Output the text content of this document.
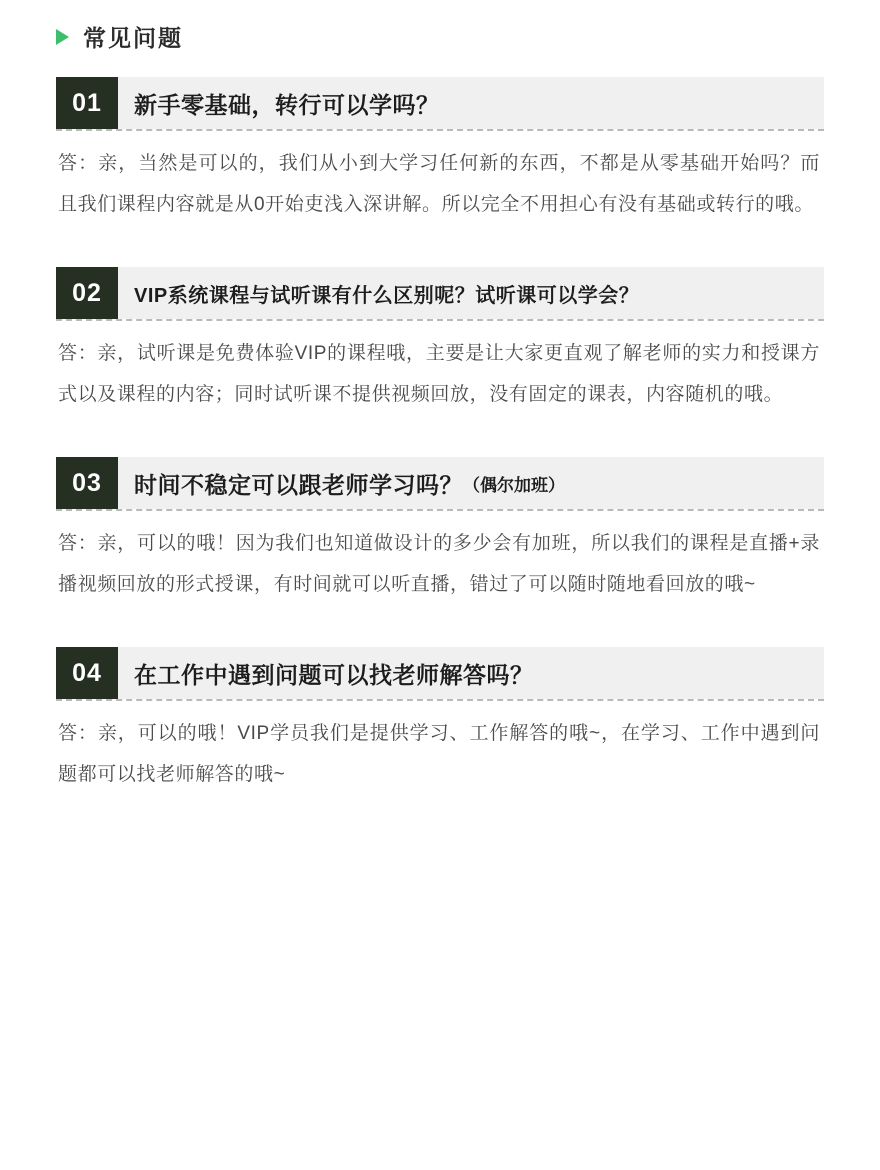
常见问题
01	新手零基础，转行可以学吗？
答：亲，当然是可以的，我们从小到大学习任何新的东西，不都是从零基础开始吗？而且我们课程内容就是从0开始吏浅入深讲解。所以完全不用担心有没有基础或转行的哦。
02	VIP系统课程与试听课有什么区别呢？试听课可以学会？
答：亲，试听课是免费体验VIP的课程哦，主要是让大家更直观了解老师的实力和授课方式以及课程的内容；同时试听课不提供视频回放，没有固定的课表，内容随机的哦。
03	时间不稳定可以跟老师学习吗？ （偶尔加班）
答：亲，可以的哦！因为我们也知道做设计的多少会有加班，所以我们的课程是直播+录播视频回放的形式授课，有时间就可以听直播，错过了可以随时随地看回放的哦~
04	在工作中遇到问题可以找老师解答吗？
答：亲，可以的哦！VIP学员我们是提供学习、工作解答的哦~，在学习、工作中遇到问题都可以找老师解答的哦~
